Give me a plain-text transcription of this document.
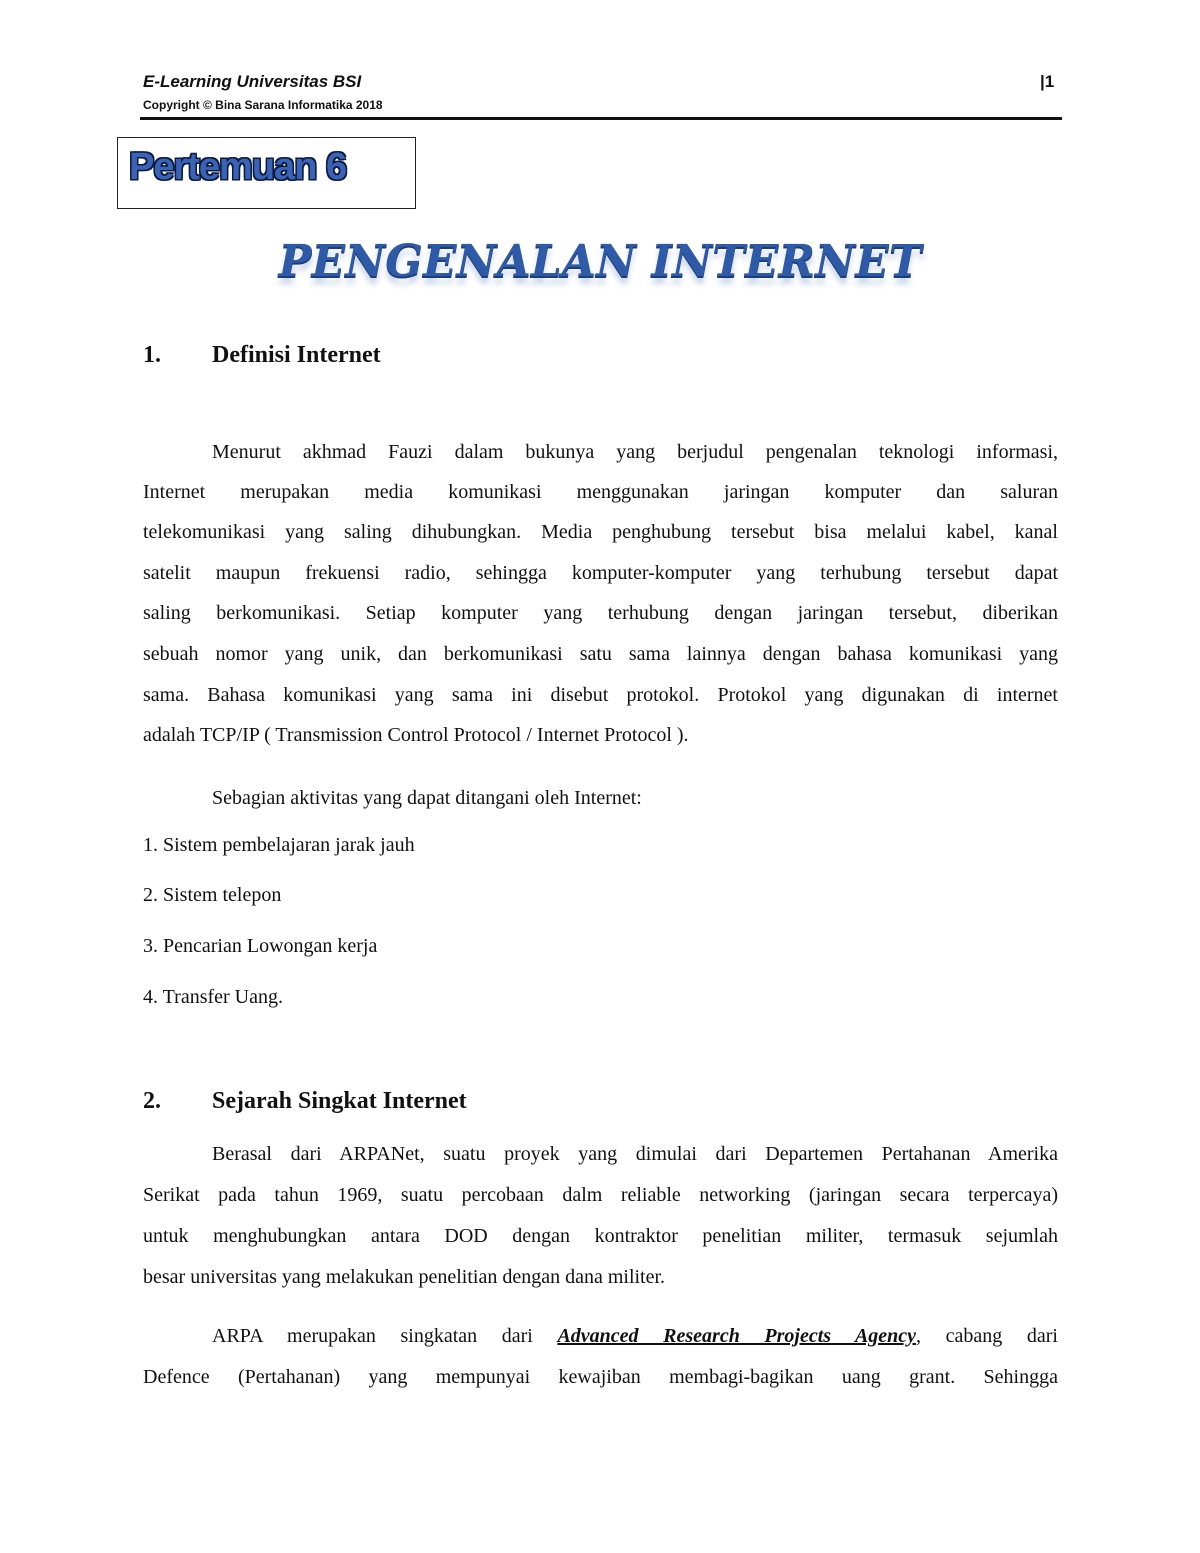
E-Learning Universitas BSI
Copyright © Bina Sarana Informatika 2018
|1
Pertemuan 6
PENGENALAN INTERNET
1. Definisi Internet
Menurut akhmad Fauzi dalam bukunya yang berjudul pengenalan teknologi informasi,
Internet merupakan media komunikasi menggunakan jaringan komputer dan saluran
telekomunikasi yang saling dihubungkan. Media penghubung tersebut bisa melalui kabel, kanal
satelit maupun frekuensi radio, sehingga komputer-komputer yang terhubung tersebut dapat
saling berkomunikasi. Setiap komputer yang terhubung dengan jaringan tersebut, diberikan
sebuah nomor yang unik, dan berkomunikasi satu sama lainnya dengan bahasa komunikasi yang
sama. Bahasa komunikasi yang sama ini disebut protokol. Protokol yang digunakan di internet
adalah TCP/IP ( Transmission Control Protocol / Internet Protocol ).
Sebagian aktivitas yang dapat ditangani oleh Internet:
1. Sistem pembelajaran jarak jauh
2. Sistem telepon
3. Pencarian Lowongan kerja
4. Transfer Uang.
2. Sejarah Singkat Internet
Berasal dari ARPANet, suatu proyek yang dimulai dari Departemen Pertahanan Amerika
Serikat pada tahun 1969, suatu percobaan dalm reliable networking (jaringan secara terpercaya)
untuk menghubungkan antara DOD dengan kontraktor penelitian militer, termasuk sejumlah
besar universitas yang melakukan penelitian dengan dana militer.
ARPA merupakan singkatan dari Advanced Research Projects Agency, cabang dari
Defence (Pertahanan) yang mempunyai kewajiban membagi-bagikan uang grant. Sehingga
